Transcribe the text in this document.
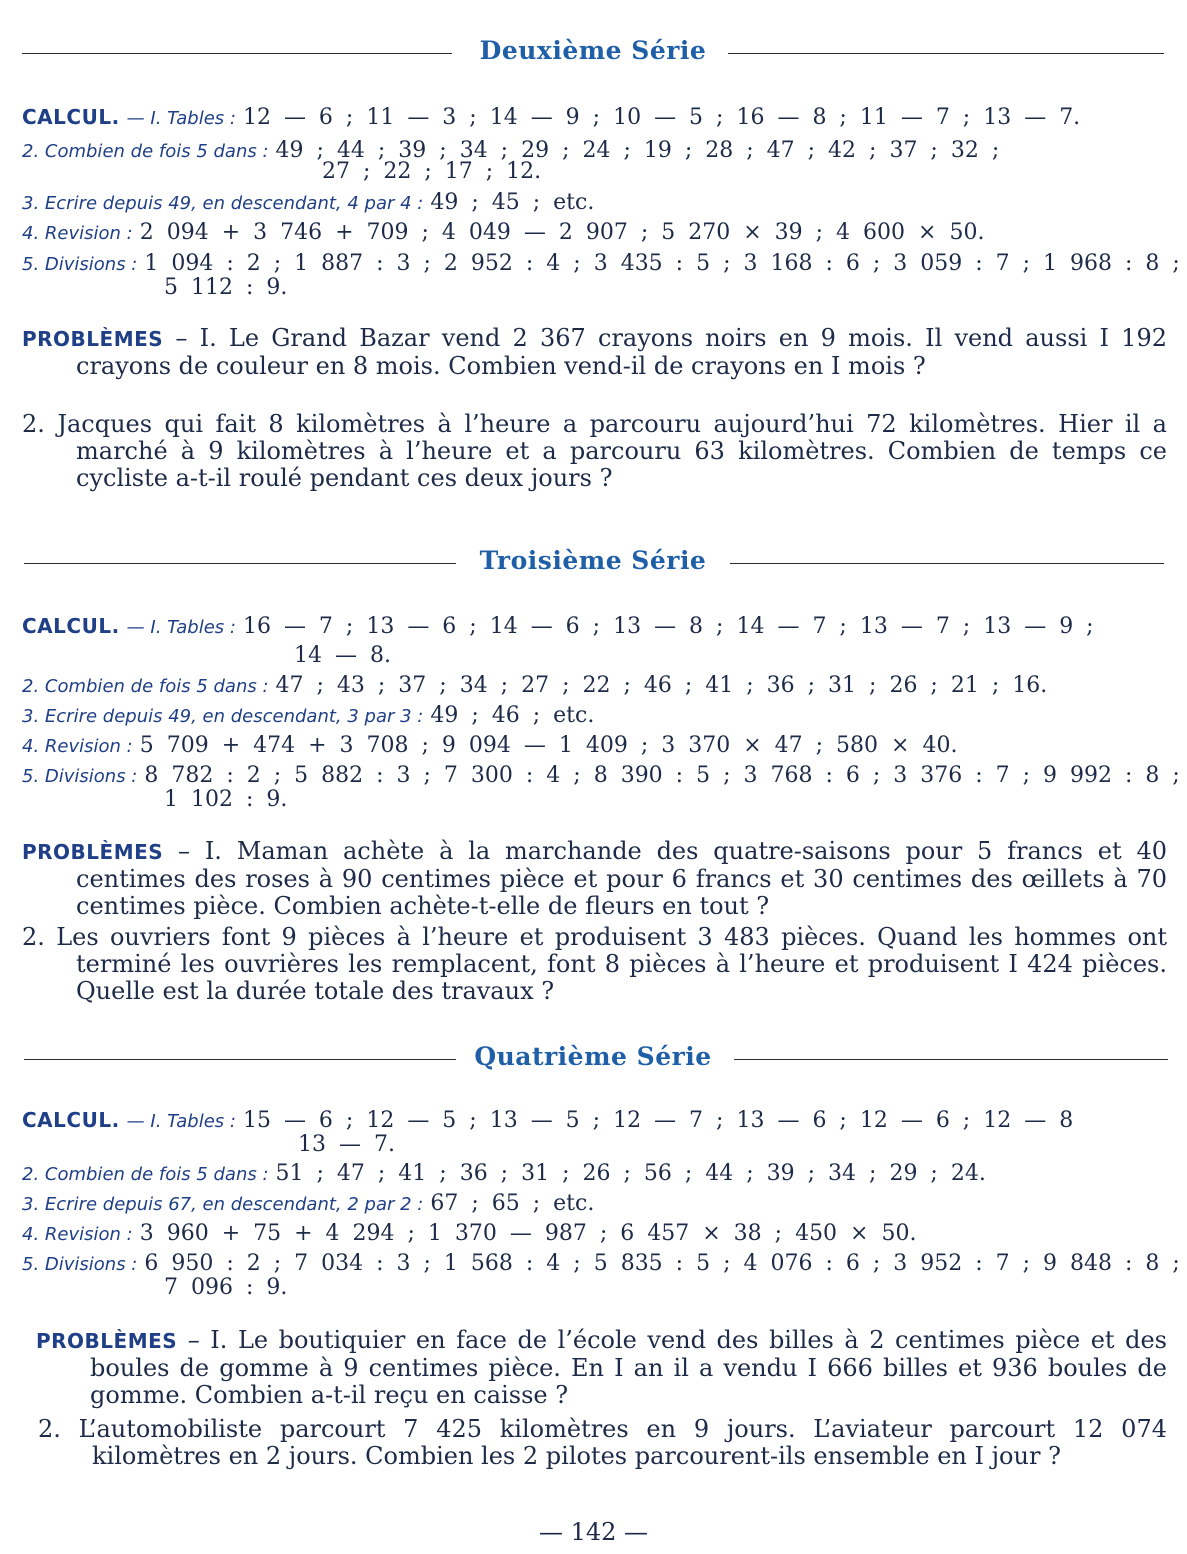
Deuxième Série
CALCUL. — I. Tables : 12 — 6 ; 11 — 3 ; 14 — 9 ; 10 — 5 ; 16 — 8 ; 11 — 7 ; 13 — 7.
2. Combien de fois 5 dans : 49 ; 44 ; 39 ; 34 ; 29 ; 24 ; 19 ; 28 ; 47 ; 42 ; 37 ; 32 ;
27 ; 22 ; 17 ; 12.
3. Ecrire depuis 49, en descendant, 4 par 4 : 49 ; 45 ; etc.
4. Revision : 2 094 + 3 746 + 709 ; 4 049 — 2 907 ; 5 270 × 39 ; 4 600 × 50.
5. Divisions : 1 094 : 2 ; 1 887 : 3 ; 2 952 : 4 ; 3 435 : 5 ; 3 168 : 6 ; 3 059 : 7 ; 1 968 : 8 ;
5 112 : 9.

PROBLÈMES – I. Le Grand Bazar vend 2 367 crayons noirs en 9 mois. Il vend aussi I 192 crayons de couleur en 8 mois. Combien vend-il de crayons en I mois ?

2. Jacques qui fait 8 kilomètres à l’heure a parcouru aujourd’hui 72 kilomètres. Hier il a marché à 9 kilomètres à l’heure et a parcouru 63 kilomètres. Combien de temps ce cycliste a-t-il roulé pendant ces deux jours ?

Troisième Série
CALCUL. — I. Tables : 16 — 7 ; 13 — 6 ; 14 — 6 ; 13 — 8 ; 14 — 7 ; 13 — 7 ; 13 — 9 ;
14 — 8.
2. Combien de fois 5 dans : 47 ; 43 ; 37 ; 34 ; 27 ; 22 ; 46 ; 41 ; 36 ; 31 ; 26 ; 21 ; 16.
3. Ecrire depuis 49, en descendant, 3 par 3 : 49 ; 46 ; etc.
4. Revision : 5 709 + 474 + 3 708 ; 9 094 — 1 409 ; 3 370 × 47 ; 580 × 40.
5. Divisions : 8 782 : 2 ; 5 882 : 3 ; 7 300 : 4 ; 8 390 : 5 ; 3 768 : 6 ; 3 376 : 7 ; 9 992 : 8 ;
1 102 : 9.

PROBLÈMES – I. Maman achète à la marchande des quatre-saisons pour 5 francs et 40 centimes des roses à 90 centimes pièce et pour 6 francs et 30 centimes des œillets à 70 centimes pièce. Combien achète-t-elle de fleurs en tout ?

2. Les ouvriers font 9 pièces à l’heure et produisent 3 483 pièces. Quand les hommes ont terminé les ouvrières les remplacent, font 8 pièces à l’heure et produisent I 424 pièces. Quelle est la durée totale des travaux ?

Quatrième Série
CALCUL. — I. Tables : 15 — 6 ; 12 — 5 ; 13 — 5 ; 12 — 7 ; 13 — 6 ; 12 — 6 ; 12 — 8
13 — 7.
2. Combien de fois 5 dans : 51 ; 47 ; 41 ; 36 ; 31 ; 26 ; 56 ; 44 ; 39 ; 34 ; 29 ; 24.
3. Ecrire depuis 67, en descendant, 2 par 2 : 67 ; 65 ; etc.
4. Revision : 3 960 + 75 + 4 294 ; 1 370 — 987 ; 6 457 × 38 ; 450 × 50.
5. Divisions : 6 950 : 2 ; 7 034 : 3 ; 1 568 : 4 ; 5 835 : 5 ; 4 076 : 6 ; 3 952 : 7 ; 9 848 : 8 ;
7 096 : 9.

PROBLÈMES – I. Le boutiquier en face de l’école vend des billes à 2 centimes pièce et des boules de gomme à 9 centimes pièce. En I an il a vendu I 666 billes et 936 boules de gomme. Combien a-t-il reçu en caisse ?

2. L’automobiliste parcourt 7 425 kilomètres en 9 jours. L’aviateur parcourt 12 074 kilomètres en 2 jours. Combien les 2 pilotes parcourent-ils ensemble en I jour ?

— 142 —
